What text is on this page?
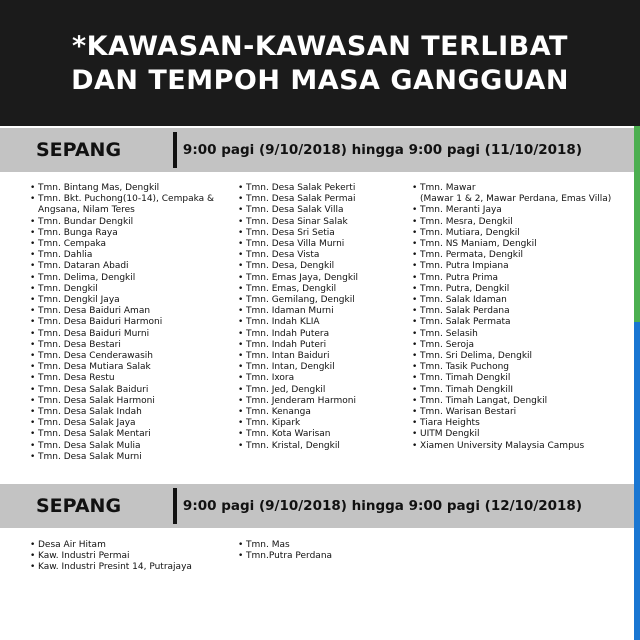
*KAWASAN-KAWASAN TERLIBAT
DAN TEMPOH MASA GANGGUAN
SEPANG	9:00 pagi (9/10/2018) hingga 9:00 pagi (11/10/2018)
• Tmn. Bintang Mas, Dengkil
• Tmn. Bkt. Puchong(10-14), Cempaka &
Angsana, Nilam Teres
• Tmn. Bundar Dengkil
• Tmn. Bunga Raya
• Tmn. Cempaka
• Tmn. Dahlia
• Tmn. Dataran Abadi
• Tmn. Delima, Dengkil
• Tmn. Dengkil
• Tmn. Dengkil Jaya
• Tmn. Desa Baiduri Aman
• Tmn. Desa Baiduri Harmoni
• Tmn. Desa Baiduri Murni
• Tmn. Desa Bestari
• Tmn. Desa Cenderawasih
• Tmn. Desa Mutiara Salak
• Tmn. Desa Restu
• Tmn. Desa Salak Baiduri
• Tmn. Desa Salak Harmoni
• Tmn. Desa Salak Indah
• Tmn. Desa Salak Jaya
• Tmn. Desa Salak Mentari
• Tmn. Desa Salak Mulia
• Tmn. Desa Salak Murni
• Tmn. Desa Salak Pekerti
• Tmn. Desa Salak Permai
• Tmn. Desa Salak Villa
• Tmn. Desa Sinar Salak
• Tmn. Desa Sri Setia
• Tmn. Desa Villa Murni
• Tmn. Desa Vista
• Tmn. Desa, Dengkil
• Tmn. Emas Jaya, Dengkil
• Tmn. Emas, Dengkil
• Tmn. Gemilang, Dengkil
• Tmn. Idaman Murni
• Tmn. Indah KLIA
• Tmn. Indah Putera
• Tmn. Indah Puteri
• Tmn. Intan Baiduri
• Tmn. Intan, Dengkil
• Tmn. Ixora
• Tmn. Jed, Dengkil
• Tmn. Jenderam Harmoni
• Tmn. Kenanga
• Tmn. Kipark
• Tmn. Kota Warisan
• Tmn. Kristal, Dengkil
• Tmn. Mawar
(Mawar 1 & 2, Mawar Perdana, Emas Villa)
• Tmn. Meranti Jaya
• Tmn. Mesra, Dengkil
• Tmn. Mutiara, Dengkil
• Tmn. NS Maniam, Dengkil
• Tmn. Permata, Dengkil
• Tmn. Putra Impiana
• Tmn. Putra Prima
• Tmn. Putra, Dengkil
• Tmn. Salak Idaman
• Tmn. Salak Perdana
• Tmn. Salak Permata
• Tmn. Selasih
• Tmn. Seroja
• Tmn. Sri Delima, Dengkil
• Tmn. Tasik Puchong
• Tmn. Timah Dengkil
• Tmn. Timah DengkilI
• Tmn. Timah Langat, Dengkil
• Tmn. Warisan Bestari
• Tiara Heights
• UITM Dengkil
• Xiamen University Malaysia Campus
SEPANG	9:00 pagi (9/10/2018) hingga 9:00 pagi (12/10/2018)
• Desa Air Hitam
• Kaw. Industri Permai
• Kaw. Industri Presint 14, Putrajaya
• Tmn. Mas
• Tmn.Putra Perdana
